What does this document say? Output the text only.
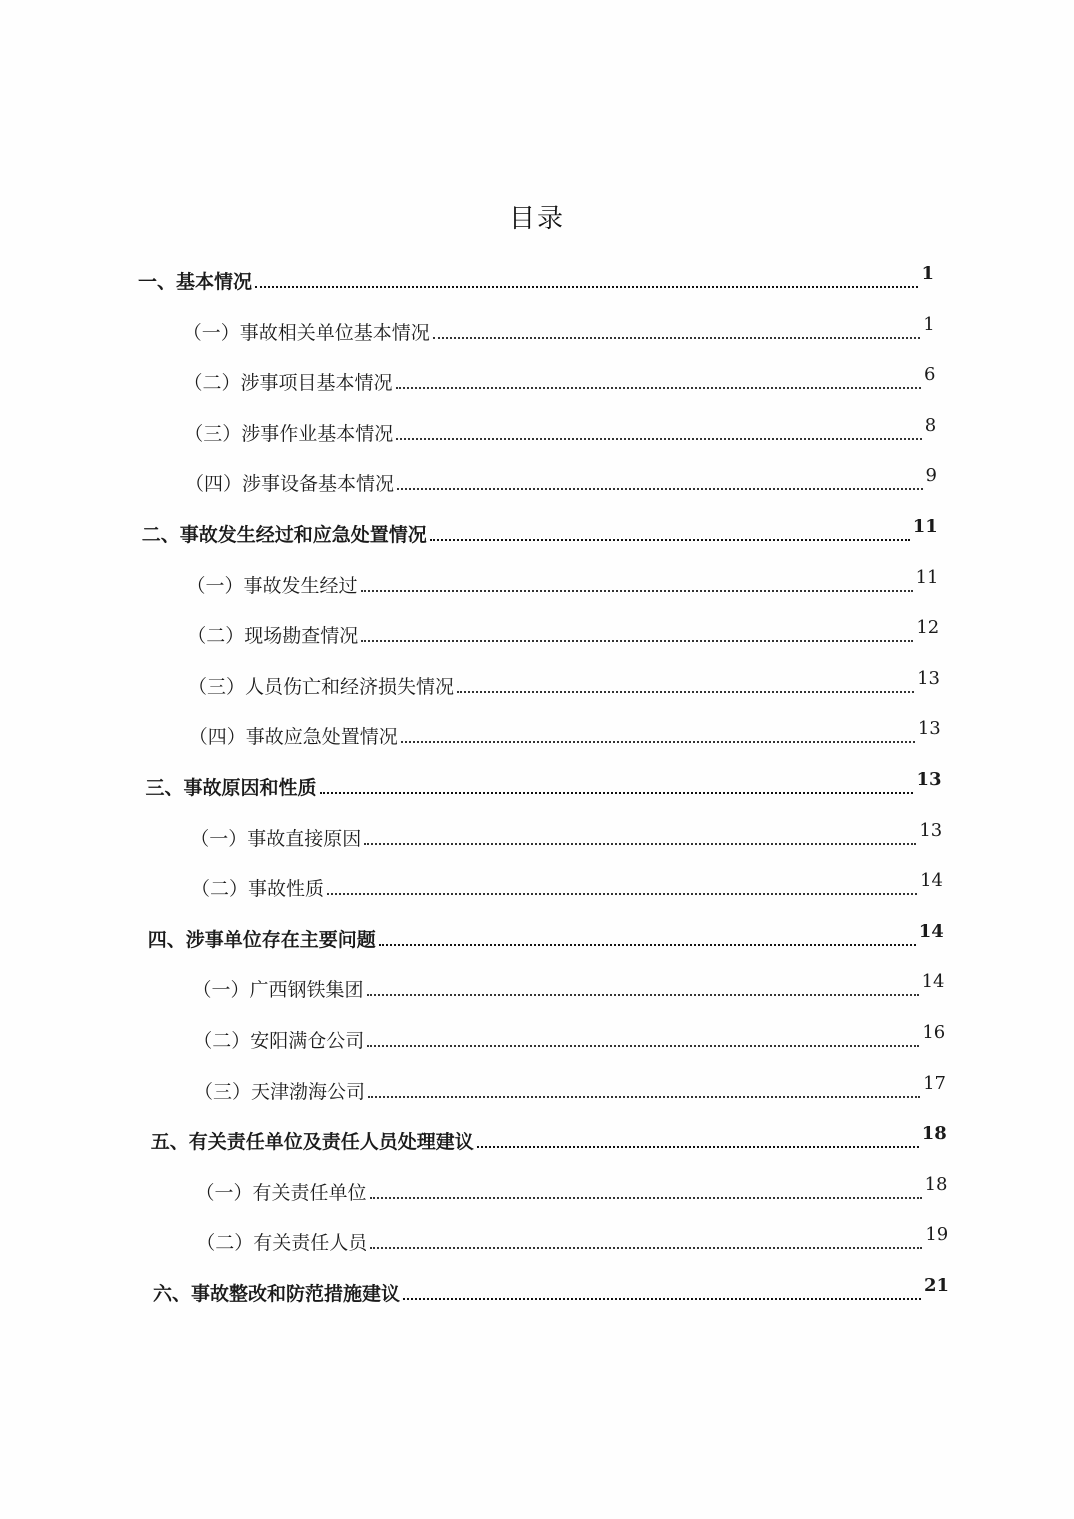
目录
一、基本情况	1
（一）事故相关单位基本情况	1
（二）涉事项目基本情况	6
（三）涉事作业基本情况	8
（四）涉事设备基本情况	9
二、事故发生经过和应急处置情况	11
（一）事故发生经过	11
（二）现场勘查情况	12
（三）人员伤亡和经济损失情况	13
（四）事故应急处置情况	13
三、事故原因和性质	13
（一）事故直接原因	13
（二）事故性质	14
四、涉事单位存在主要问题	14
（一）广西钢铁集团	14
（二）安阳满仓公司	16
（三）天津渤海公司	17
五、有关责任单位及责任人员处理建议	18
（一）有关责任单位	18
（二）有关责任人员	19
六、事故整改和防范措施建议	21
